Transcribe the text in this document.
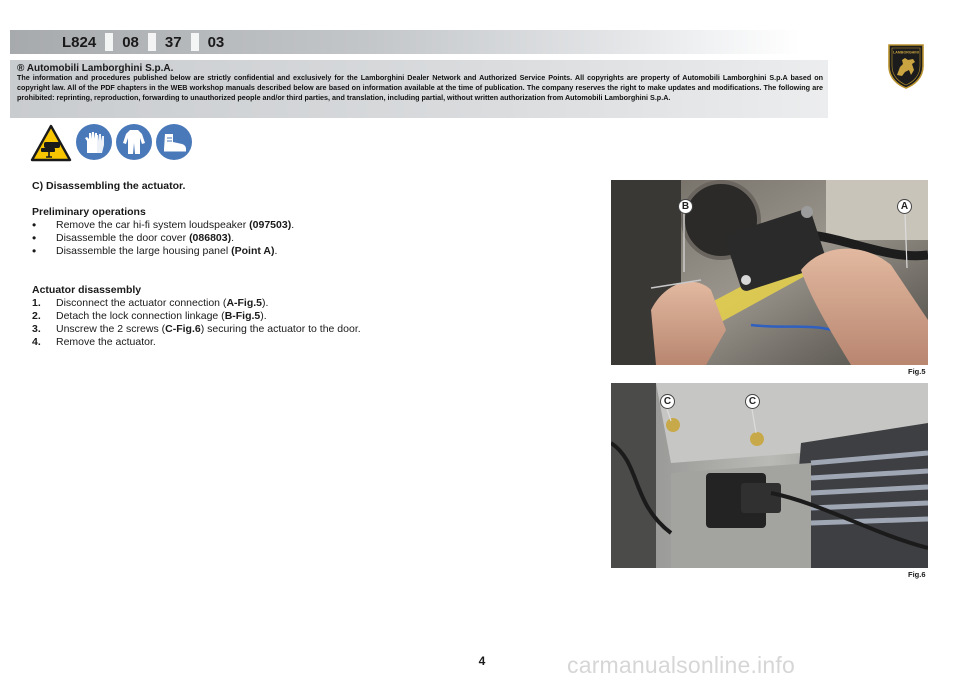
L824 08 37 03
® Automobili Lamborghini S.p.A.
The information and procedures published below are strictly confidential and exclusively for the Lamborghini Dealer Network and Authorized Service Points. All copyrights are property of Automobili Lamborghini S.p.A based on copyright law. All of the PDF chapters in the WEB workshop manuals described below are based on information available at the time of publication. The company reserves the right to make updates and modifications. The following are prohibited: reprinting, reproduction, forwarding to unauthorized people and/or third parties, and translation, including partial, without written authorization from Automobili Lamborghini S.p.A.
LAMBORGHINI
C) Disassembling the actuator.
Preliminary operations
•	Remove the car hi-fi system loudspeaker (097503).
•	Disassemble the door cover (086803).
•	Disassemble the large housing panel (Point A).
Actuator disassembly
1.	Disconnect the actuator connection (A-Fig.5).
2.	Detach the lock connection linkage (B-Fig.5).
3.	Unscrew the 2 screws (C-Fig.6) securing the actuator to the door.
4.	Remove the actuator.
B	A
Fig.5
C	C
Fig.6
4	carmanualsonline.info
